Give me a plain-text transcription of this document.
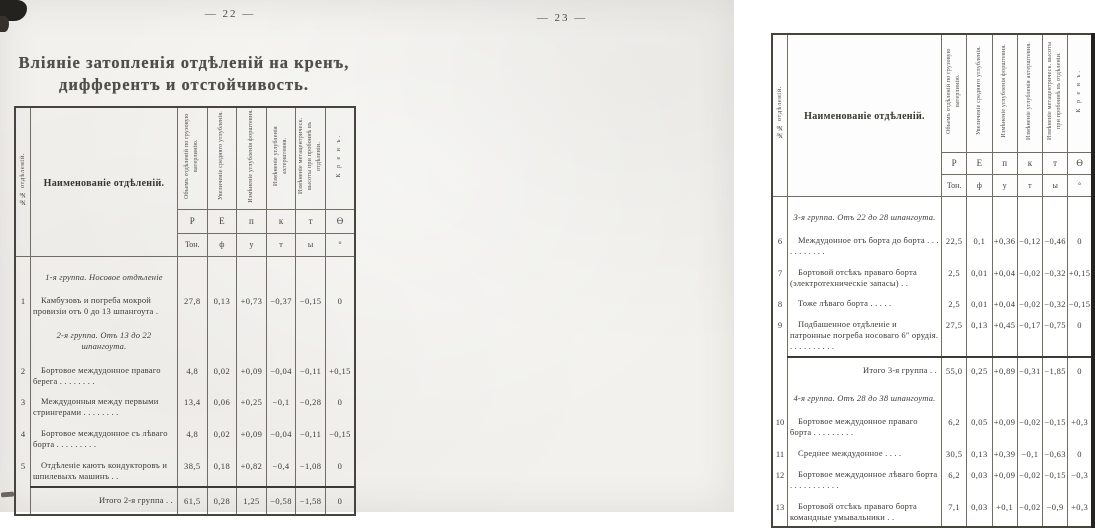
— 22 —
Вліяніе затопленія отдѣленій на кренъ,
дифферентъ и отстойчивость.
№№ отдѣленій.	Наименованіе отдѣленій.	Объемъ отдѣленій по грузовую ватерлинію.	Увеличеніе средняго углубленія.	Измѣненіе углубленія форштевня.	Измѣненіе углубленія ахтерштевня.	Измѣненіе метацентрическ. высоты при пробоинѣ въ отдѣленіи.	К р е н ъ.
		Р	Е	п	к	т	Ѳ
		Тон.	ф	у	т	ы	°
	1-я группа. Носовое отдѣленіе						
1	Камбузовъ и погреба мокрой провизіи отъ 0 до 13 шпангоута .	27,8	0,13	+0,73	−0,37	−0,15	0
	2-я группа. Отъ 13 до 22 шпангоута.						
2	Бортовое междудонное праваго берега . . . . . . . .	4,8	0,02	+0,09	−0,04	−0,11	+0,15
3	Междудонныя между первыми стрингерами . . . . . . . .	13,4	0,06	+0,25	−0,1	−0,28	0
4	Бортовое междудонное съ лѣваго борта . . . . . . . . .	4,8	0,02	+0,09	−0,04	−0,11	−0,15
5	Отдѣленіе каютъ кондукторовъ и шпилевыхъ машинъ . .	38,5	0,18	+0,82	−0,4	−1,08	0
	Итого 2-я группа . .	61,5	0,28	1,25	−0,58	−1,58	0
— 23 —
№№ отдѣленій.	Наименованіе отдѣленій.	Объемъ отдѣленій по грузовую ватерлинію.	Увеличеніе средняго углубленія.	Измѣненіе углубленія форштевня.	Измѣненіе углубленія ахтерштевня.	Измѣненіе метацентрическ. высоты при пробоинѣ въ отдѣленіи.	К р е н ъ.
		Р	Е	п	к	т	Ѳ
		Тон.	ф	у	т	ы	°
	3-я группа. Отъ 22 до 28 шпангоута.						
6	Междудонное отъ борта до борта . . . . . . . . . . .	22,5	0,1	+0,36	−0,12	−0,46	0
7	Бортовой отсѣкъ праваго борта (электротехническіе запасы) . .	2,5	0,01	+0,04	−0,02	−0,32	+0,15
8	Тоже лѣваго борта . . . . .	2,5	0,01	+0,04	−0,02	−0,32	−0,15
9	Подбашенное отдѣленіе и патронные погреба носоваго 6″ орудія. . . . . . . . . . .	27,5	0,13	+0,45	−0,17	−0,75	0
	Итого 3-я группа . .	55,0	0,25	+0,89	−0,31	−1,85	0
	4-я группа. Отъ 28 до 38 шпангоута.						
10	Бортовое междудонное праваго борта . . . . . . . . .	6,2	0,05	+0,09	−0,02	−0,15	+0,3
11	Среднее междудонное . . . .	30,5	0,13	+0,39	−0,1	−0,63	0
12	Бортовое междудонное лѣваго борта . . . . . . . . . . .	6,2	0,03	+0,09	−0,02	−0,15	−0,3
13	Бортовой отсѣкъ праваго борта командные умывальники . .	7,1	0,03	+0,1	−0,02	−0,9	+0,3
